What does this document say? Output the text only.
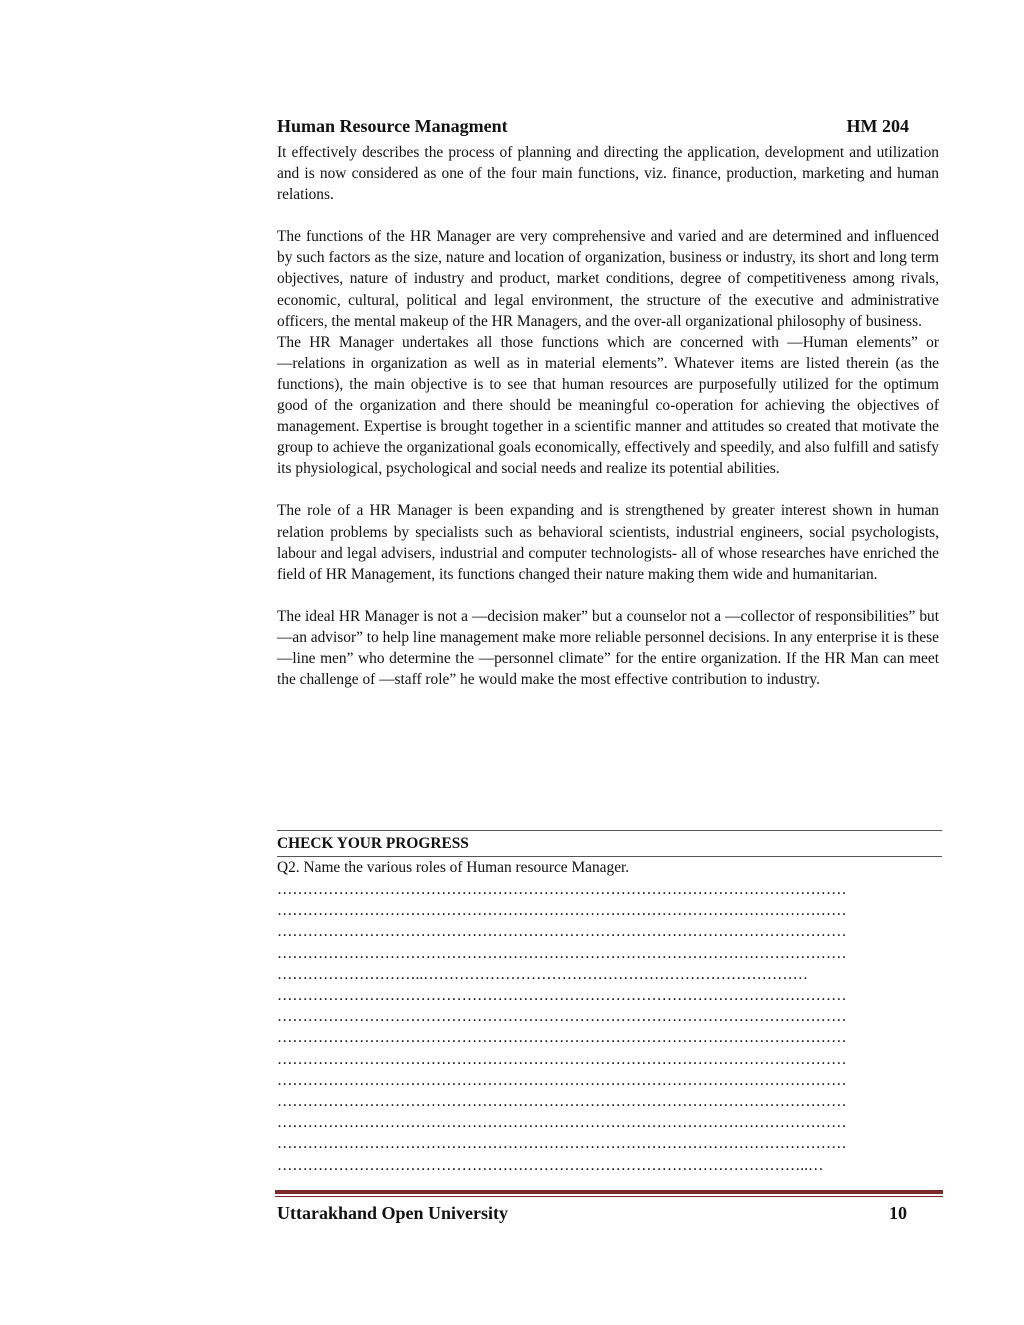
Human Resource Managment	HM 204

It effectively describes the process of planning and directing the application, development and utilization and is now considered as one of the four main functions, viz. finance, production, marketing and human relations.

The functions of the HR Manager are very comprehensive and varied and are determined and influenced by such factors as the size, nature and location of organization, business or industry, its short and long term objectives, nature of industry and product, market conditions, degree of competitiveness among rivals, economic, cultural, political and legal environment, the structure of the executive and administrative officers, the mental makeup of the HR Managers, and the over-all organizational philosophy of business.

The HR Manager undertakes all those functions which are concerned with ―Human elements” or ―relations in organization as well as in material elements”. Whatever items are listed therein (as the functions), the main objective is to see that human resources are purposefully utilized for the optimum good of the organization and there should be meaningful co-operation for achieving the objectives of management. Expertise is brought together in a scientific manner and attitudes so created that motivate the group to achieve the organizational goals economically, effectively and speedily, and also fulfill and satisfy its physiological, psychological and social needs and realize its potential abilities.

The role of a HR Manager is been expanding and is strengthened by greater interest shown in human relation problems by specialists such as behavioral scientists, industrial engineers, social psychologists, labour and legal advisers, industrial and computer technologists- all of whose researches have enriched the field of HR Management, its functions changed their nature making them wide and humanitarian.

The ideal HR Manager is not a ―decision maker” but a counselor not a ―collector of responsibilities” but ―an advisor” to help line management make more reliable personnel decisions. In any enterprise it is these ―line men” who determine the ―personnel climate” for the entire organization. If the HR Man can meet the challenge of ―staff role” he would make the most effective contribution to industry.

CHECK YOUR PROGRESS
Q2. Name the various roles of Human resource Manager.
…………………………………………………………………………………………………
…………………………………………………………………………………………………
…………………………………………………………………………………………………
…………………………………………………………………………………………………
………………………..…………………………………………………………………
…………………………………………………………………………………………………
…………………………………………………………………………………………………
…………………………………………………………………………………………………
…………………………………………………………………………………………………
…………………………………………………………………………………………………
…………………………………………………………………………………………………
…………………………………………………………………………………………………
…………………………………………………………………………………………………
…………………………………………………………………………………………..…
Uttarakhand Open University	10
